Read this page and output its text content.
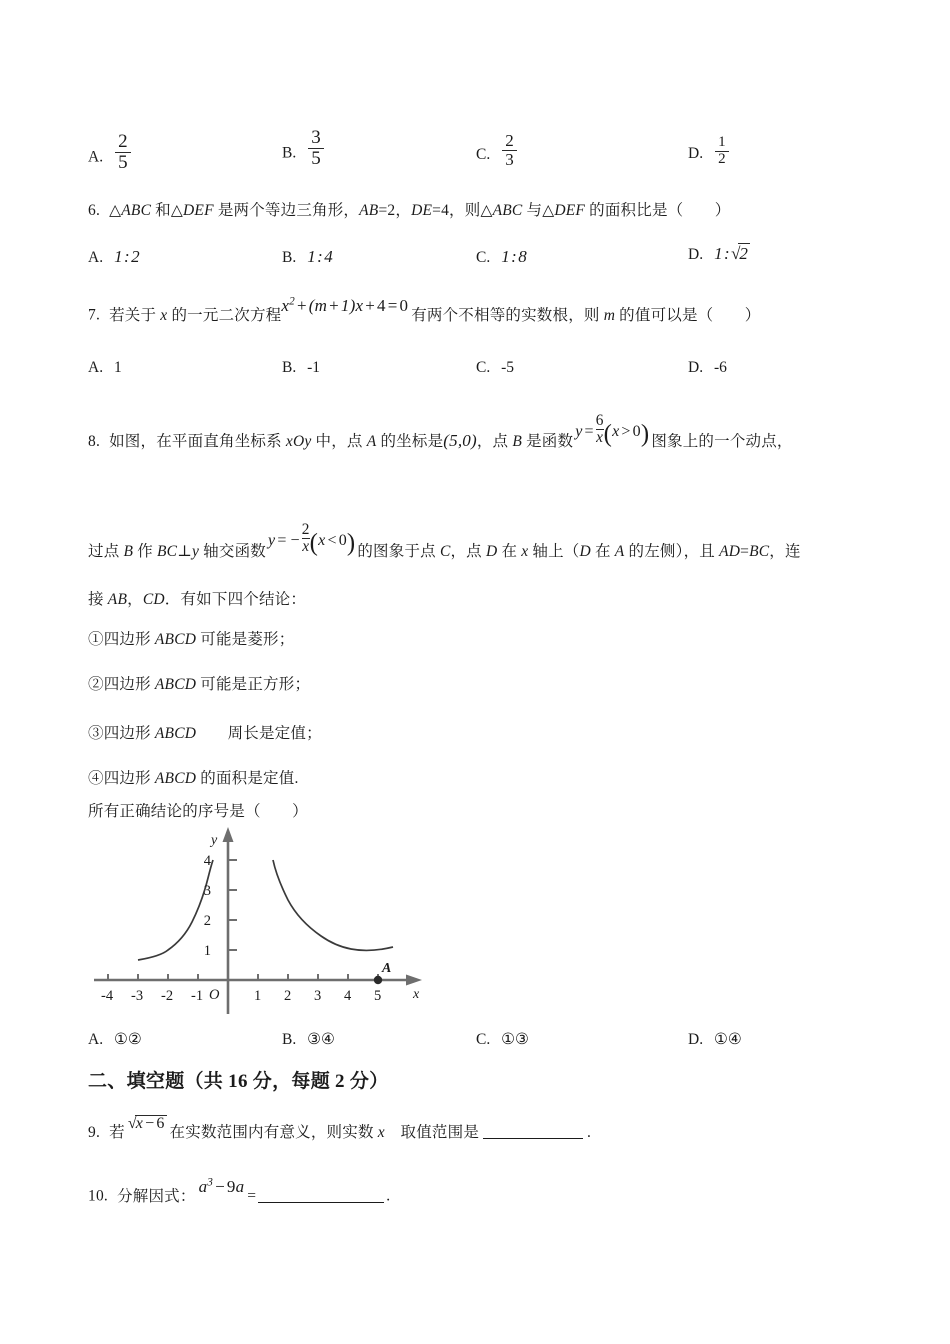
A. $\frac{2}{5}$	B. $\frac{3}{5}$	C. $\frac{2}{3}$	D. $\frac{1}{2}$
6. △ABC 和△DEF 是两个等边三角形，AB=2，DE=4，则△ABC 与△DEF 的面积比是（　　）
A. 1 : 2	B. 1 : 4	C. 1 : 8	D. 1 : √2
7. 若关于 x 的一元二次方程$x^2 + (m + 1)x + 4 = 0$有两个不相等的实数根，则 m 的值可以是（　　）
A. 1	B. -1	C. -5	D. -6
8. 如图，在平面直角坐标系 xOy 中，点 A 的坐标是(5,0)，点 B 是函数$y = \frac{6}{x} (x > 0)$ 图象上的一个动点，
过点 B 作 BC⊥y 轴交函数y = − $\frac{2}{x} (x < 0)$ 的图象于点 C，点 D 在 x 轴上（D 在 A 的左侧），且 AD=BC，连
接 AB，CD．有如下四个结论：
①四边形 ABCD 可能是菱形；
②四边形 ABCD 可能是正方形；
③四边形 ABCD　　周长是定值；
④四边形 ABCD 的面积是定值.
所有正确结论的序号是（　　）
y
x
O
-4 -3 -2 -1	1 2 3 4 5
1
2
3
4
A
A. ①②	B. ③④	C. ①③	D. ①④
二、填空题（共 16 分，每题 2 分）
9. 若√x − 6在实数范围内有意义，则实数 x　取值范围是	.
10. 分解因式：$a^3 - 9a=$	.
